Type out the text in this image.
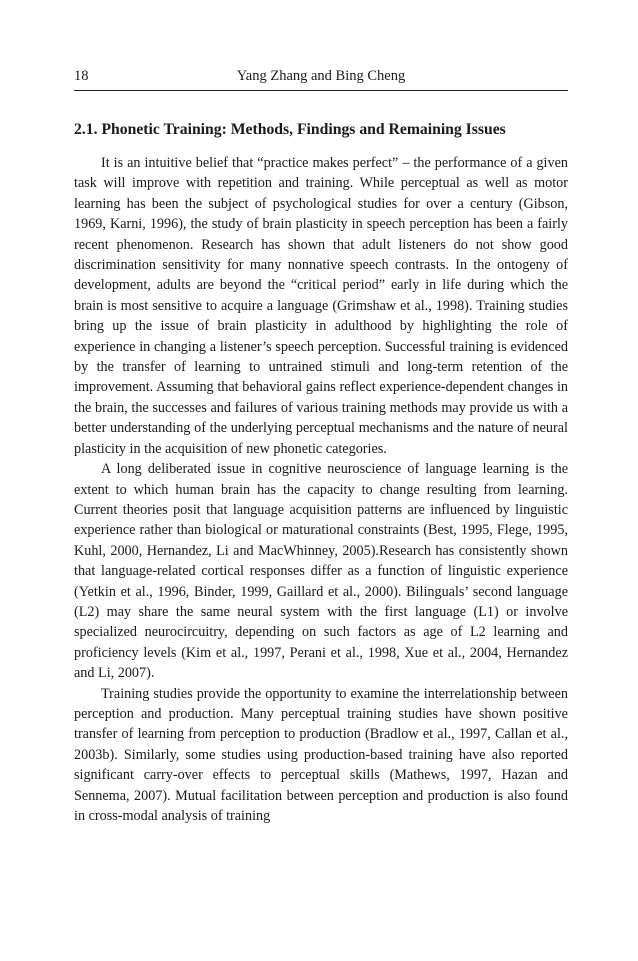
18	Yang Zhang and Bing Cheng
2.1. Phonetic Training: Methods, Findings and Remaining Issues

It is an intuitive belief that “practice makes perfect” – the performance of a given task will improve with repetition and training. While perceptual as well as motor learning has been the subject of psychological studies for over a century (Gibson, 1969, Karni, 1996), the study of brain plasticity in speech perception has been a fairly recent phenomenon. Research has shown that adult listeners do not show good discrimination sensitivity for many nonnative speech contrasts. In the ontogeny of development, adults are beyond the “critical period” early in life during which the brain is most sensitive to acquire a language (Grimshaw et al., 1998). Training studies bring up the issue of brain plasticity in adulthood by highlighting the role of experience in changing a listener’s speech perception. Successful training is evidenced by the transfer of learning to untrained stimuli and long-term retention of the improvement. Assuming that behavioral gains reflect experience-dependent changes in the brain, the successes and failures of various training methods may provide us with a better understanding of the underlying perceptual mechanisms and the nature of neural plasticity in the acquisition of new phonetic categories.

A long deliberated issue in cognitive neuroscience of language learning is the extent to which human brain has the capacity to change resulting from learning. Current theories posit that language acquisition patterns are influenced by linguistic experience rather than biological or maturational constraints (Best, 1995, Flege, 1995, Kuhl, 2000, Hernandez, Li and MacWhinney, 2005).Research has consistently shown that language-related cortical responses differ as a function of linguistic experience (Yetkin et al., 1996, Binder, 1999, Gaillard et al., 2000). Bilinguals’ second language (L2) may share the same neural system with the first language (L1) or involve specialized neurocircuitry, depending on such factors as age of L2 learning and proficiency levels (Kim et al., 1997, Perani et al., 1998, Xue et al., 2004, Hernandez and Li, 2007).

Training studies provide the opportunity to examine the interrelationship between perception and production. Many perceptual training studies have shown positive transfer of learning from perception to production (Bradlow et al., 1997, Callan et al., 2003b). Similarly, some studies using production-based training have also reported significant carry-over effects to perceptual skills (Mathews, 1997, Hazan and Sennema, 2007). Mutual facilitation between perception and production is also found in cross-modal analysis of training
